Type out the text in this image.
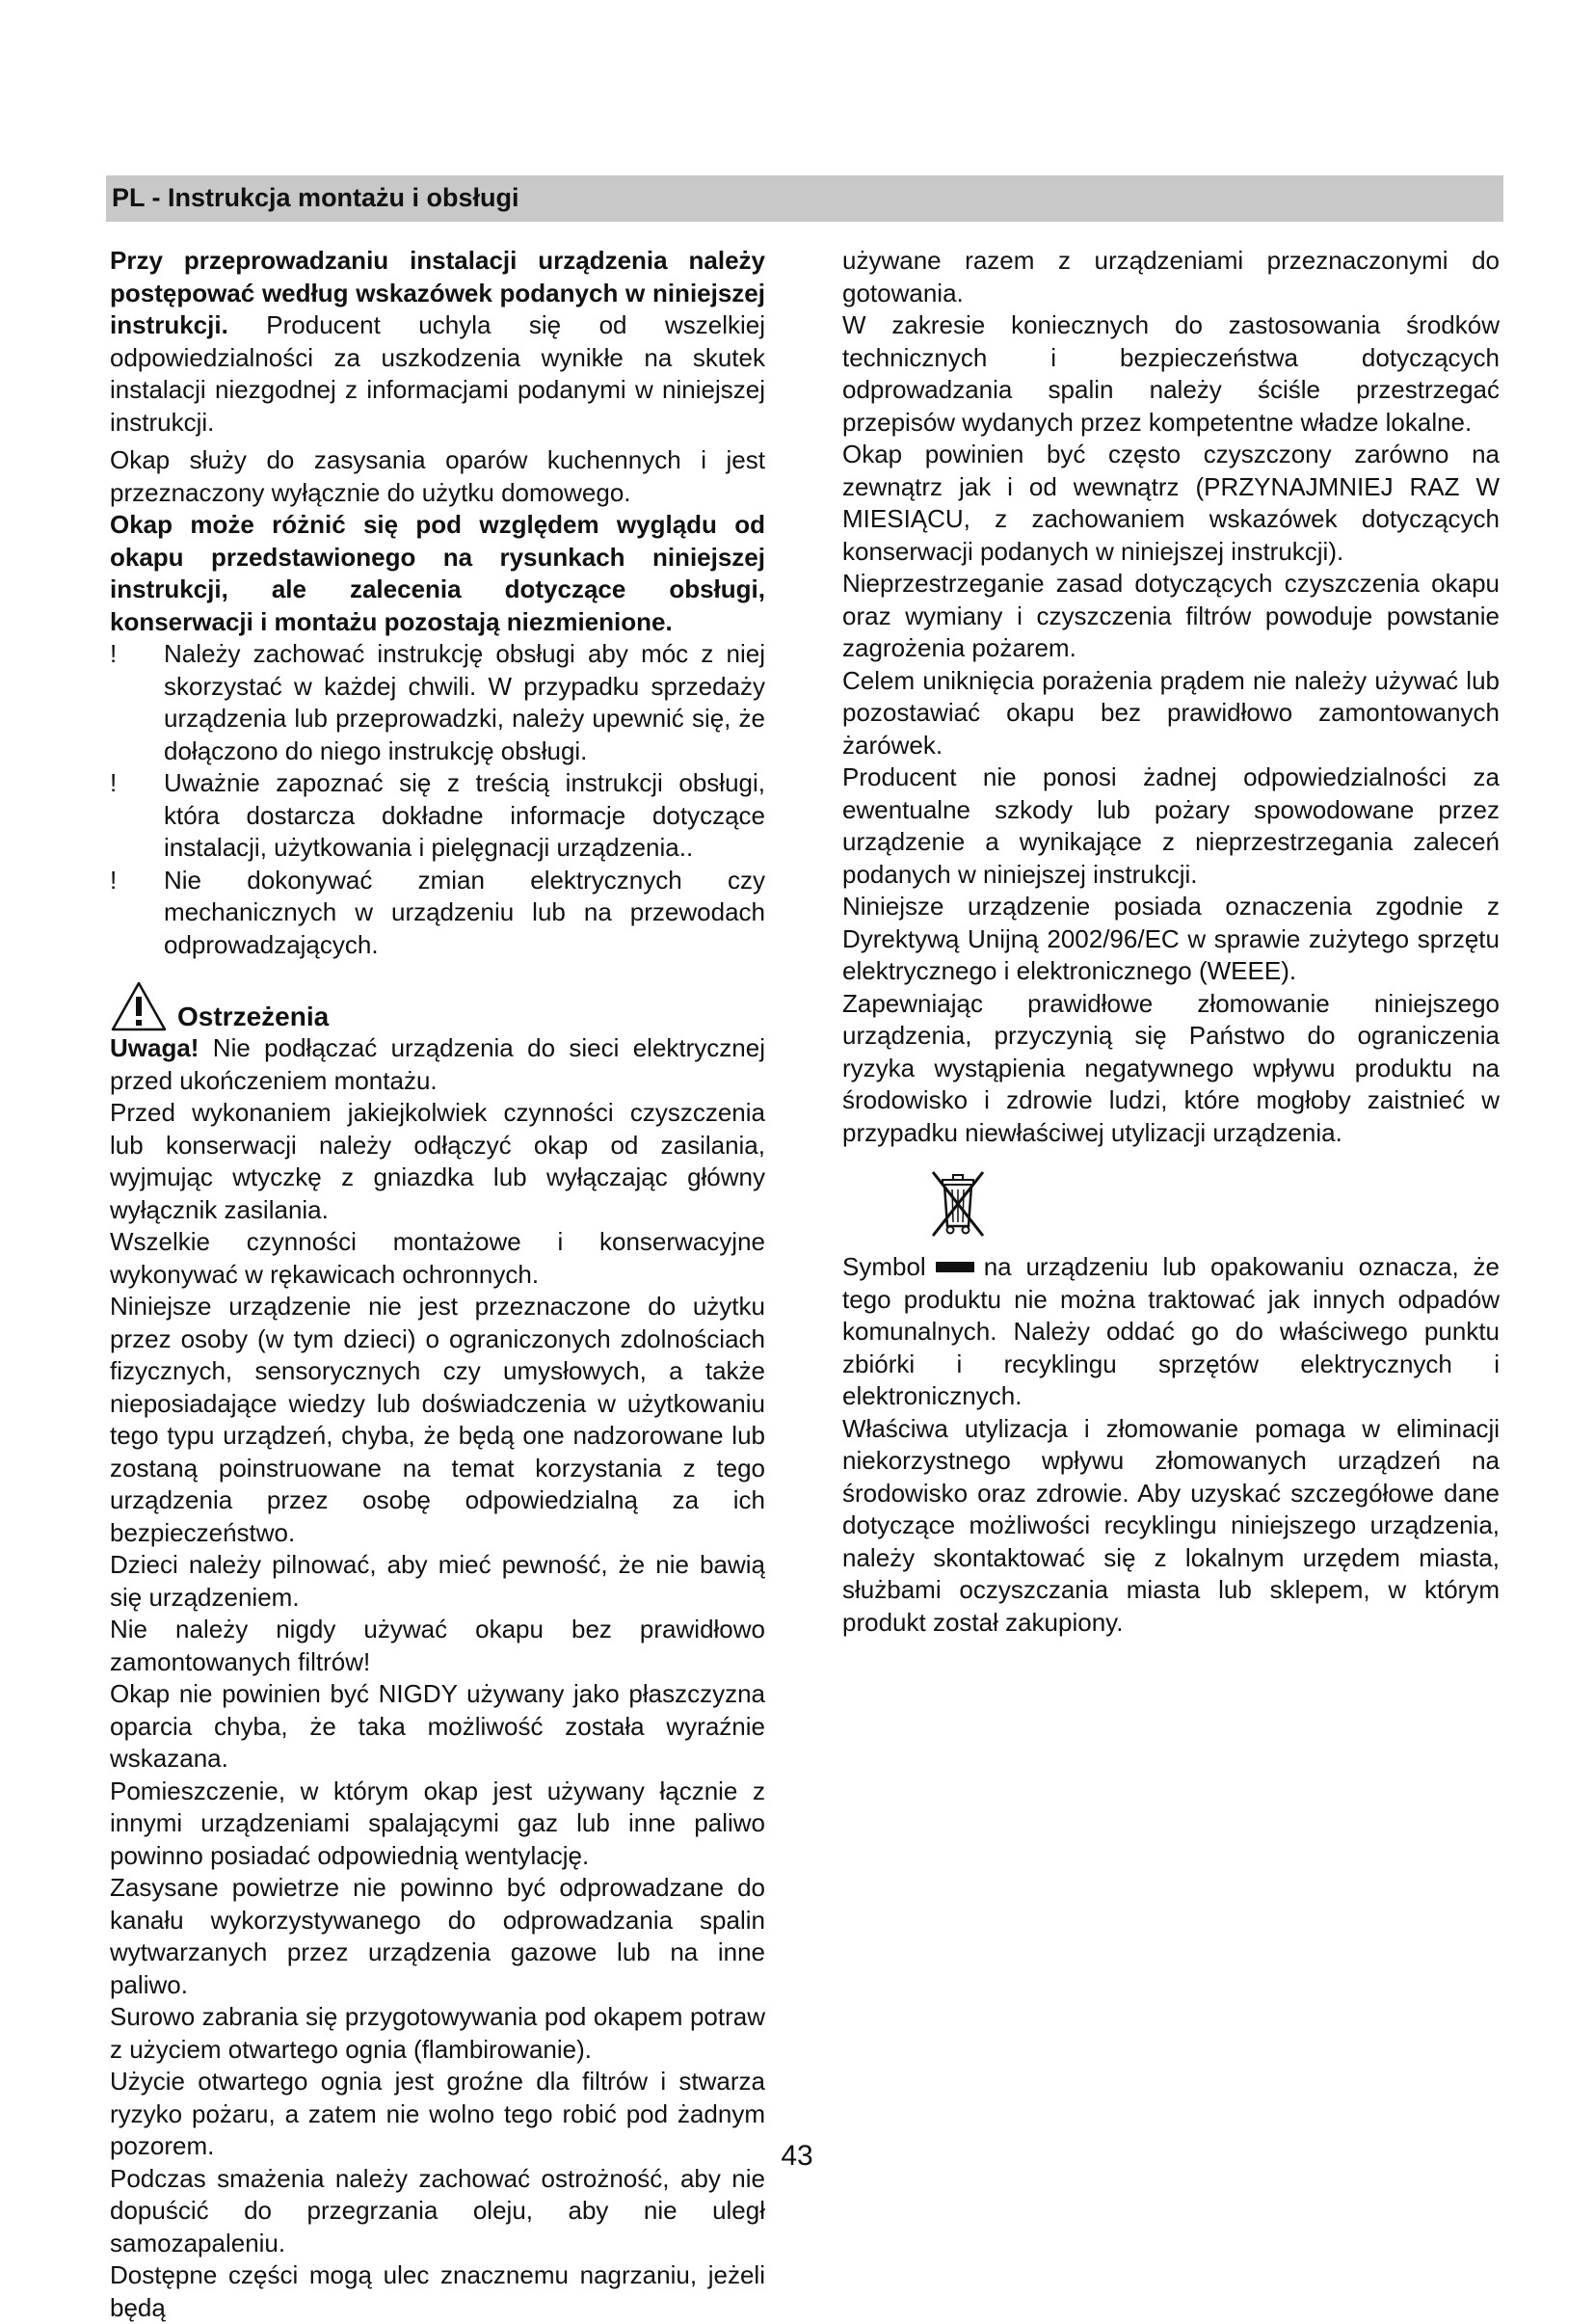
PL - Instrukcja montażu i obsługi

Przy przeprowadzaniu instalacji urządzenia należy postępować według wskazówek podanych w niniejszej instrukcji. Producent uchyla się od wszelkiej odpowiedzialności za uszkodzenia wynikłe na skutek instalacji niezgodnej z informacjami podanymi w niniejszej instrukcji.

Okap służy do zasysania oparów kuchennych i jest przeznaczony wyłącznie do użytku domowego.

Okap może różnić się pod względem wyglądu od okapu przedstawionego na rysunkach niniejszej instrukcji, ale zalecenia dotyczące obsługi, konserwacji i montażu pozostają niezmienione.

! Należy zachować instrukcję obsługi aby móc z niej skorzystać w każdej chwili. W przypadku sprzedaży urządzenia lub przeprowadzki, należy upewnić się, że dołączono do niego instrukcję obsługi.
! Uważnie zapoznać się z treścią instrukcji obsługi, która dostarcza dokładne informacje dotyczące instalacji, użytkowania i pielęgnacji urządzenia..
! Nie dokonywać zmian elektrycznych czy mechanicznych w urządzeniu lub na przewodach odprowadzających.
Ostrzeżenia

Uwaga! Nie podłączać urządzenia do sieci elektrycznej przed ukończeniem montażu.

Przed wykonaniem jakiejkolwiek czynności czyszczenia lub konserwacji należy odłączyć okap od zasilania, wyjmując wtyczkę z gniazdka lub wyłączając główny wyłącznik zasilania.

Wszelkie czynności montażowe i konserwacyjne wykonywać w rękawicach ochronnych.

Niniejsze urządzenie nie jest przeznaczone do użytku przez osoby (w tym dzieci) o ograniczonych zdolnościach fizycznych, sensorycznych czy umysłowych, a także nieposiadające wiedzy lub doświadczenia w użytkowaniu tego typu urządzeń, chyba, że będą one nadzorowane lub zostaną poinstruowane na temat korzystania z tego urządzenia przez osobę odpowiedzialną za ich bezpieczeństwo.

Dzieci należy pilnować, aby mieć pewność, że nie bawią się urządzeniem.

Nie należy nigdy używać okapu bez prawidłowo zamontowanych filtrów!

Okap nie powinien być NIGDY używany jako płaszczyzna oparcia chyba, że taka możliwość została wyraźnie wskazana.

Pomieszczenie, w którym okap jest używany łącznie z innymi urządzeniami spalającymi gaz lub inne paliwo powinno posiadać odpowiednią wentylację.

Zasysane powietrze nie powinno być odprowadzane do kanału wykorzystywanego do odprowadzania spalin wytwarzanych przez urządzenia gazowe lub na inne paliwo.

Surowo zabrania się przygotowywania pod okapem potraw z użyciem otwartego ognia (flambirowanie).

Użycie otwartego ognia jest groźne dla filtrów i stwarza ryzyko pożaru, a zatem nie wolno tego robić pod żadnym pozorem.

Podczas smażenia należy zachować ostrożność, aby nie dopuścić do przegrzania oleju, aby nie uległ samozapaleniu.

Dostępne części mogą ulec znacznemu nagrzaniu, jeżeli będą

używane razem z urządzeniami przeznaczonymi do gotowania.

W zakresie koniecznych do zastosowania środków technicznych i bezpieczeństwa dotyczących odprowadzania spalin należy ściśle przestrzegać przepisów wydanych przez kompetentne władze lokalne.

Okap powinien być często czyszczony zarówno na zewnątrz jak i od wewnątrz (PRZYNAJMNIEJ RAZ W MIESIĄCU, z zachowaniem wskazówek dotyczących konserwacji podanych w niniejszej instrukcji).

Nieprzestrzeganie zasad dotyczących czyszczenia okapu oraz wymiany i czyszczenia filtrów powoduje powstanie zagrożenia pożarem.

Celem uniknięcia porażenia prądem nie należy używać lub pozostawiać okapu bez prawidłowo zamontowanych żarówek.

Producent nie ponosi żadnej odpowiedzialności za ewentualne szkody lub pożary spowodowane przez urządzenie a wynikające z nieprzestrzegania zaleceń podanych w niniejszej instrukcji.

Niniejsze urządzenie posiada oznaczenia zgodnie z Dyrektywą Unijną 2002/96/EC w sprawie zużytego sprzętu elektrycznego i elektronicznego (WEEE).

Zapewniając prawidłowe złomowanie niniejszego urządzenia, przyczynią się Państwo do ograniczenia ryzyka wystąpienia negatywnego wpływu produktu na środowisko i zdrowie ludzi, które mogłoby zaistnieć w przypadku niewłaściwej utylizacji urządzenia.

Symbol na urządzeniu lub opakowaniu oznacza, że tego produktu nie można traktować jak innych odpadów komunalnych. Należy oddać go do właściwego punktu zbiórki i recyklingu sprzętów elektrycznych i elektronicznych.

Właściwa utylizacja i złomowanie pomaga w eliminacji niekorzystnego wpływu złomowanych urządzeń na środowisko oraz zdrowie. Aby uzyskać szczegółowe dane dotyczące możliwości recyklingu niniejszego urządzenia, należy skontaktować się z lokalnym urzędem miasta, służbami oczyszczania miasta lub sklepem, w którym produkt został zakupiony.

43
